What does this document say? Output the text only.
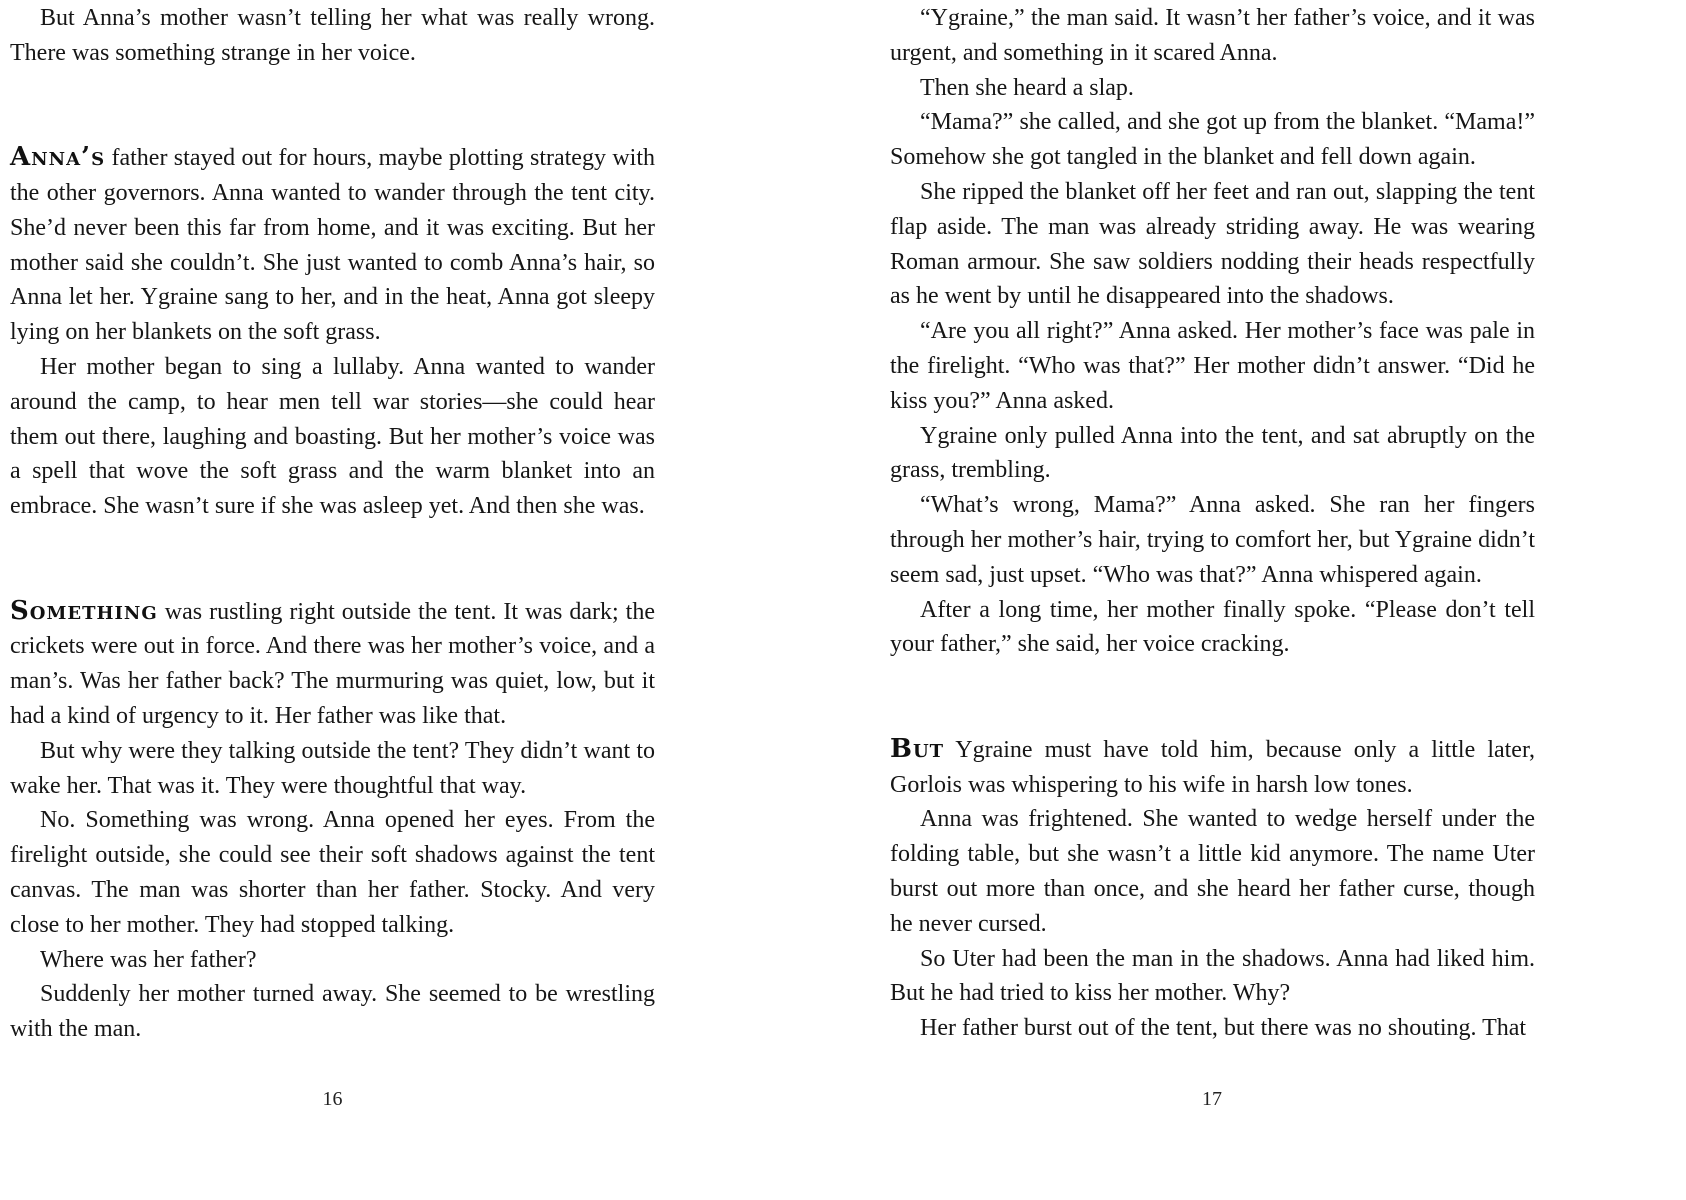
But Anna’s mother wasn’t telling her what was really wrong. There was something strange in her voice.

Anna’s father stayed out for hours, maybe plotting strategy with the other governors. Anna wanted to wander through the tent city. She’d never been this far from home, and it was exciting. But her mother said she couldn’t. She just wanted to comb Anna’s hair, so Anna let her. Ygraine sang to her, and in the heat, Anna got sleepy lying on her blankets on the soft grass.

Her mother began to sing a lullaby. Anna wanted to wander around the camp, to hear men tell war stories—she could hear them out there, laughing and boasting. But her mother’s voice was a spell that wove the soft grass and the warm blanket into an embrace. She wasn’t sure if she was asleep yet. And then she was.

Something was rustling right outside the tent. It was dark; the crickets were out in force. And there was her mother’s voice, and a man’s. Was her father back? The murmuring was quiet, low, but it had a kind of urgency to it. Her father was like that.

But why were they talking outside the tent? They didn’t want to wake her. That was it. They were thoughtful that way.

No. Something was wrong. Anna opened her eyes. From the firelight outside, she could see their soft shadows against the tent canvas. The man was shorter than her father. Stocky. And very close to her mother. They had stopped talking.

Where was her father?

Suddenly her mother turned away. She seemed to be wrestling with the man.

16

“Ygraine,” the man said. It wasn’t her father’s voice, and it was urgent, and something in it scared Anna.

Then she heard a slap.

“Mama?” she called, and she got up from the blanket. “Mama!” Somehow she got tangled in the blanket and fell down again.

She ripped the blanket off her feet and ran out, slapping the tent flap aside. The man was already striding away. He was wearing Roman armour. She saw soldiers nodding their heads respectfully as he went by until he disappeared into the shadows.

“Are you all right?” Anna asked. Her mother’s face was pale in the firelight. “Who was that?” Her mother didn’t answer. “Did he kiss you?” Anna asked.

Ygraine only pulled Anna into the tent, and sat abruptly on the grass, trembling.

“What’s wrong, Mama?” Anna asked. She ran her fingers through her mother’s hair, trying to comfort her, but Ygraine didn’t seem sad, just upset. “Who was that?” Anna whispered again.

After a long time, her mother finally spoke. “Please don’t tell your father,” she said, her voice cracking.

But Ygraine must have told him, because only a little later, Gorlois was whispering to his wife in harsh low tones.

Anna was frightened. She wanted to wedge herself under the folding table, but she wasn’t a little kid anymore. The name Uter burst out more than once, and she heard her father curse, though he never cursed.

So Uter had been the man in the shadows. Anna had liked him. But he had tried to kiss her mother. Why?

Her father burst out of the tent, but there was no shouting. That

17
